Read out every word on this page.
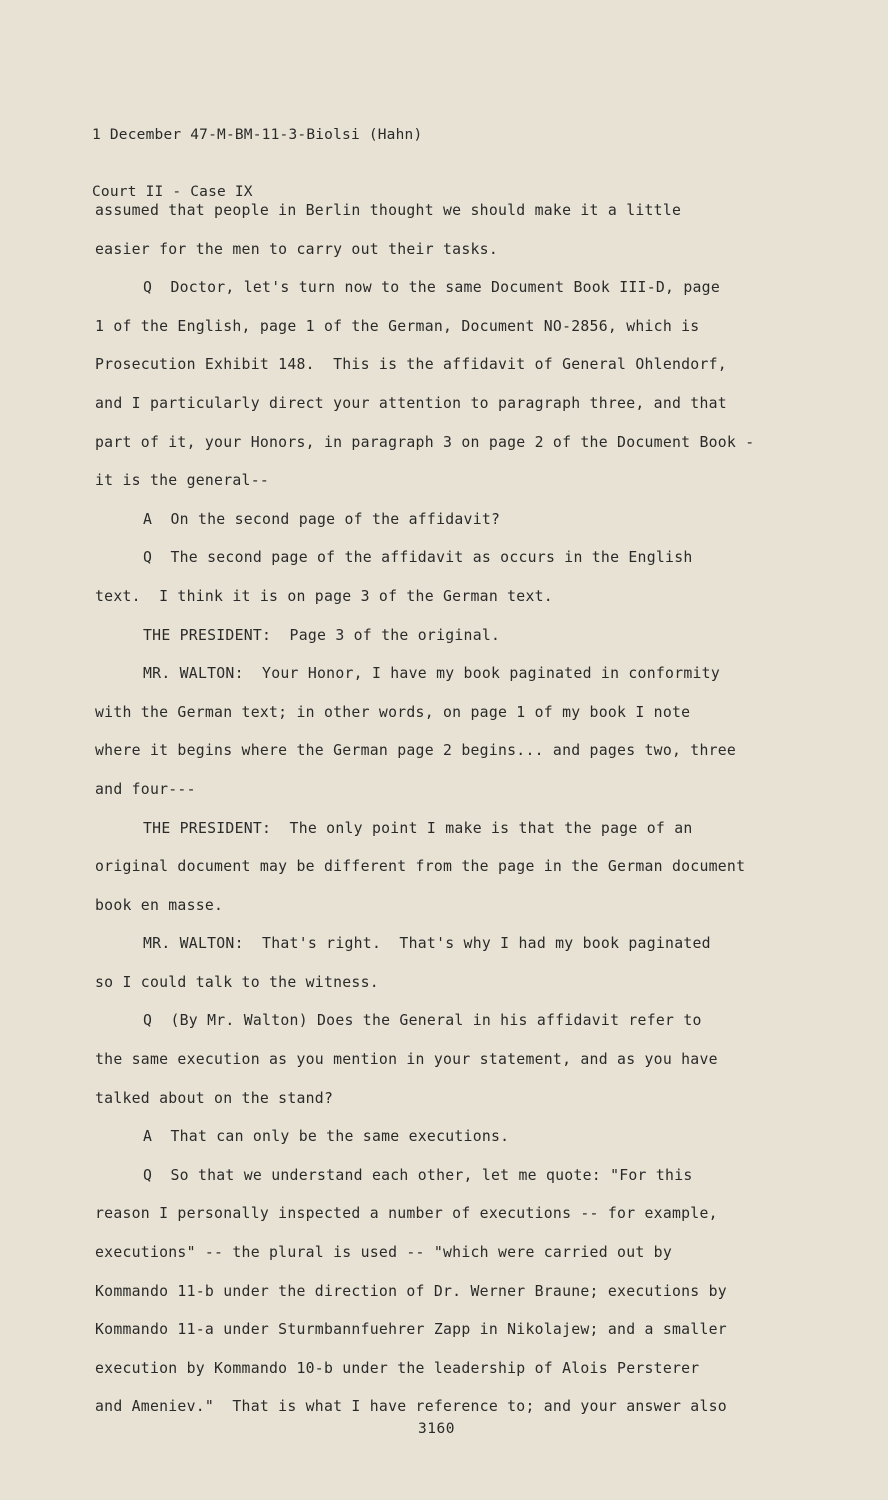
1 December 47-M-BM-11-3-Biolsi (Hahn)

Court II - Case IX

assumed that people in Berlin thought we should make it a little
easier for the men to carry out their tasks.
Q  Doctor, let's turn now to the same Document Book III-D, page
1 of the English, page 1 of the German, Document NO-2856, which is
Prosecution Exhibit 148.  This is the affidavit of General Ohlendorf,
and I particularly direct your attention to paragraph three, and that
part of it, your Honors, in paragraph 3 on page 2 of the Document Book -
it is the general--
A  On the second page of the affidavit?
Q  The second page of the affidavit as occurs in the English
text.  I think it is on page 3 of the German text.
THE PRESIDENT:  Page 3 of the original.
MR. WALTON:  Your Honor, I have my book paginated in conformity
with the German text; in other words, on page 1 of my book I note
where it begins where the German page 2 begins... and pages two, three
and four---
THE PRESIDENT:  The only point I make is that the page of an
original document may be different from the page in the German document
book en masse.
MR. WALTON:  That's right.  That's why I had my book paginated
so I could talk to the witness.
Q  (By Mr. Walton) Does the General in his affidavit refer to
the same execution as you mention in your statement, and as you have
talked about on the stand?
A  That can only be the same executions.
Q  So that we understand each other, let me quote: "For this
reason I personally inspected a number of executions -- for example,
executions" -- the plural is used -- "which were carried out by
Kommando 11-b under the direction of Dr. Werner Braune; executions by
Kommando 11-a under Sturmbannfuehrer Zapp in Nikolajew; and a smaller
execution by Kommando 10-b under the leadership of Alois Persterer
and Ameniev."  That is what I have reference to; and your answer also
3160
